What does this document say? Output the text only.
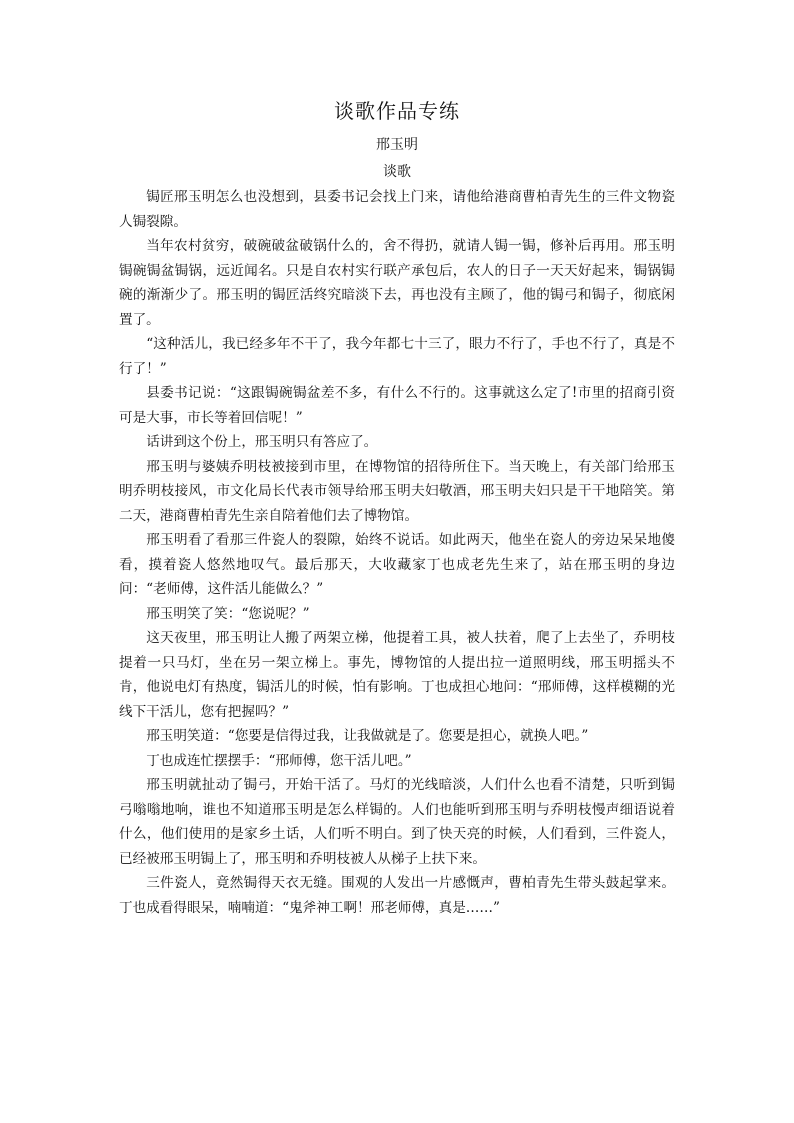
谈歌作品专练
邢玉明
谈歌

锔匠邢玉明怎么也没想到，县委书记会找上门来，请他给港商曹柏青先生的三件文物瓷人锔裂隙。

当年农村贫穷，破碗破盆破锅什么的，舍不得扔，就请人锔一锔，修补后再用。邢玉明锔碗锔盆锔锅，远近闻名。只是自农村实行联产承包后，农人的日子一天天好起来，锔锅锔碗的渐渐少了。邢玉明的锔匠活终究暗淡下去，再也没有主顾了，他的锔弓和锔子，彻底闲置了。

“这种活儿，我已经多年不干了，我今年都七十三了，眼力不行了，手也不行了，真是不行了！”

县委书记说：“这跟锔碗锔盆差不多，有什么不行的。这事就这么定了!市里的招商引资可是大事，市长等着回信呢！”

话讲到这个份上，邢玉明只有答应了。

邢玉明与婆姨乔明枝被接到市里，在博物馆的招待所住下。当天晚上，有关部门给邢玉明乔明枝接风，市文化局长代表市领导给邢玉明夫妇敬酒，邢玉明夫妇只是干干地陪笑。第二天，港商曹柏青先生亲自陪着他们去了博物馆。

邢玉明看了看那三件瓷人的裂隙，始终不说话。如此两天，他坐在瓷人的旁边呆呆地傻看，摸着瓷人悠然地叹气。最后那天，大收藏家丁也成老先生来了，站在邢玉明的身边问：“老师傅，这件活儿能做么？”

邢玉明笑了笑：“您说呢？”

这天夜里，邢玉明让人搬了两架立梯，他提着工具，被人扶着，爬了上去坐了，乔明枝提着一只马灯，坐在另一架立梯上。事先，博物馆的人提出拉一道照明线，邢玉明摇头不肯，他说电灯有热度，锔活儿的时候，怕有影响。丁也成担心地问：“邢师傅，这样模糊的光线下干活儿，您有把握吗？”

邢玉明笑道：“您要是信得过我，让我做就是了。您要是担心，就换人吧。”

丁也成连忙摆摆手：“邢师傅，您干活儿吧。”

邢玉明就扯动了锔弓，开始干活了。马灯的光线暗淡，人们什么也看不清楚，只听到锔弓嗡嗡地响，谁也不知道邢玉明是怎么样锔的。人们也能听到邢玉明与乔明枝慢声细语说着什么，他们使用的是家乡土话，人们听不明白。到了快天亮的时候，人们看到，三件瓷人，已经被邢玉明锔上了，邢玉明和乔明枝被人从梯子上扶下来。

三件瓷人，竟然锔得天衣无缝。围观的人发出一片感慨声，曹柏青先生带头鼓起掌来。丁也成看得眼呆，喃喃道：“鬼斧神工啊！邢老师傅，真是……”
